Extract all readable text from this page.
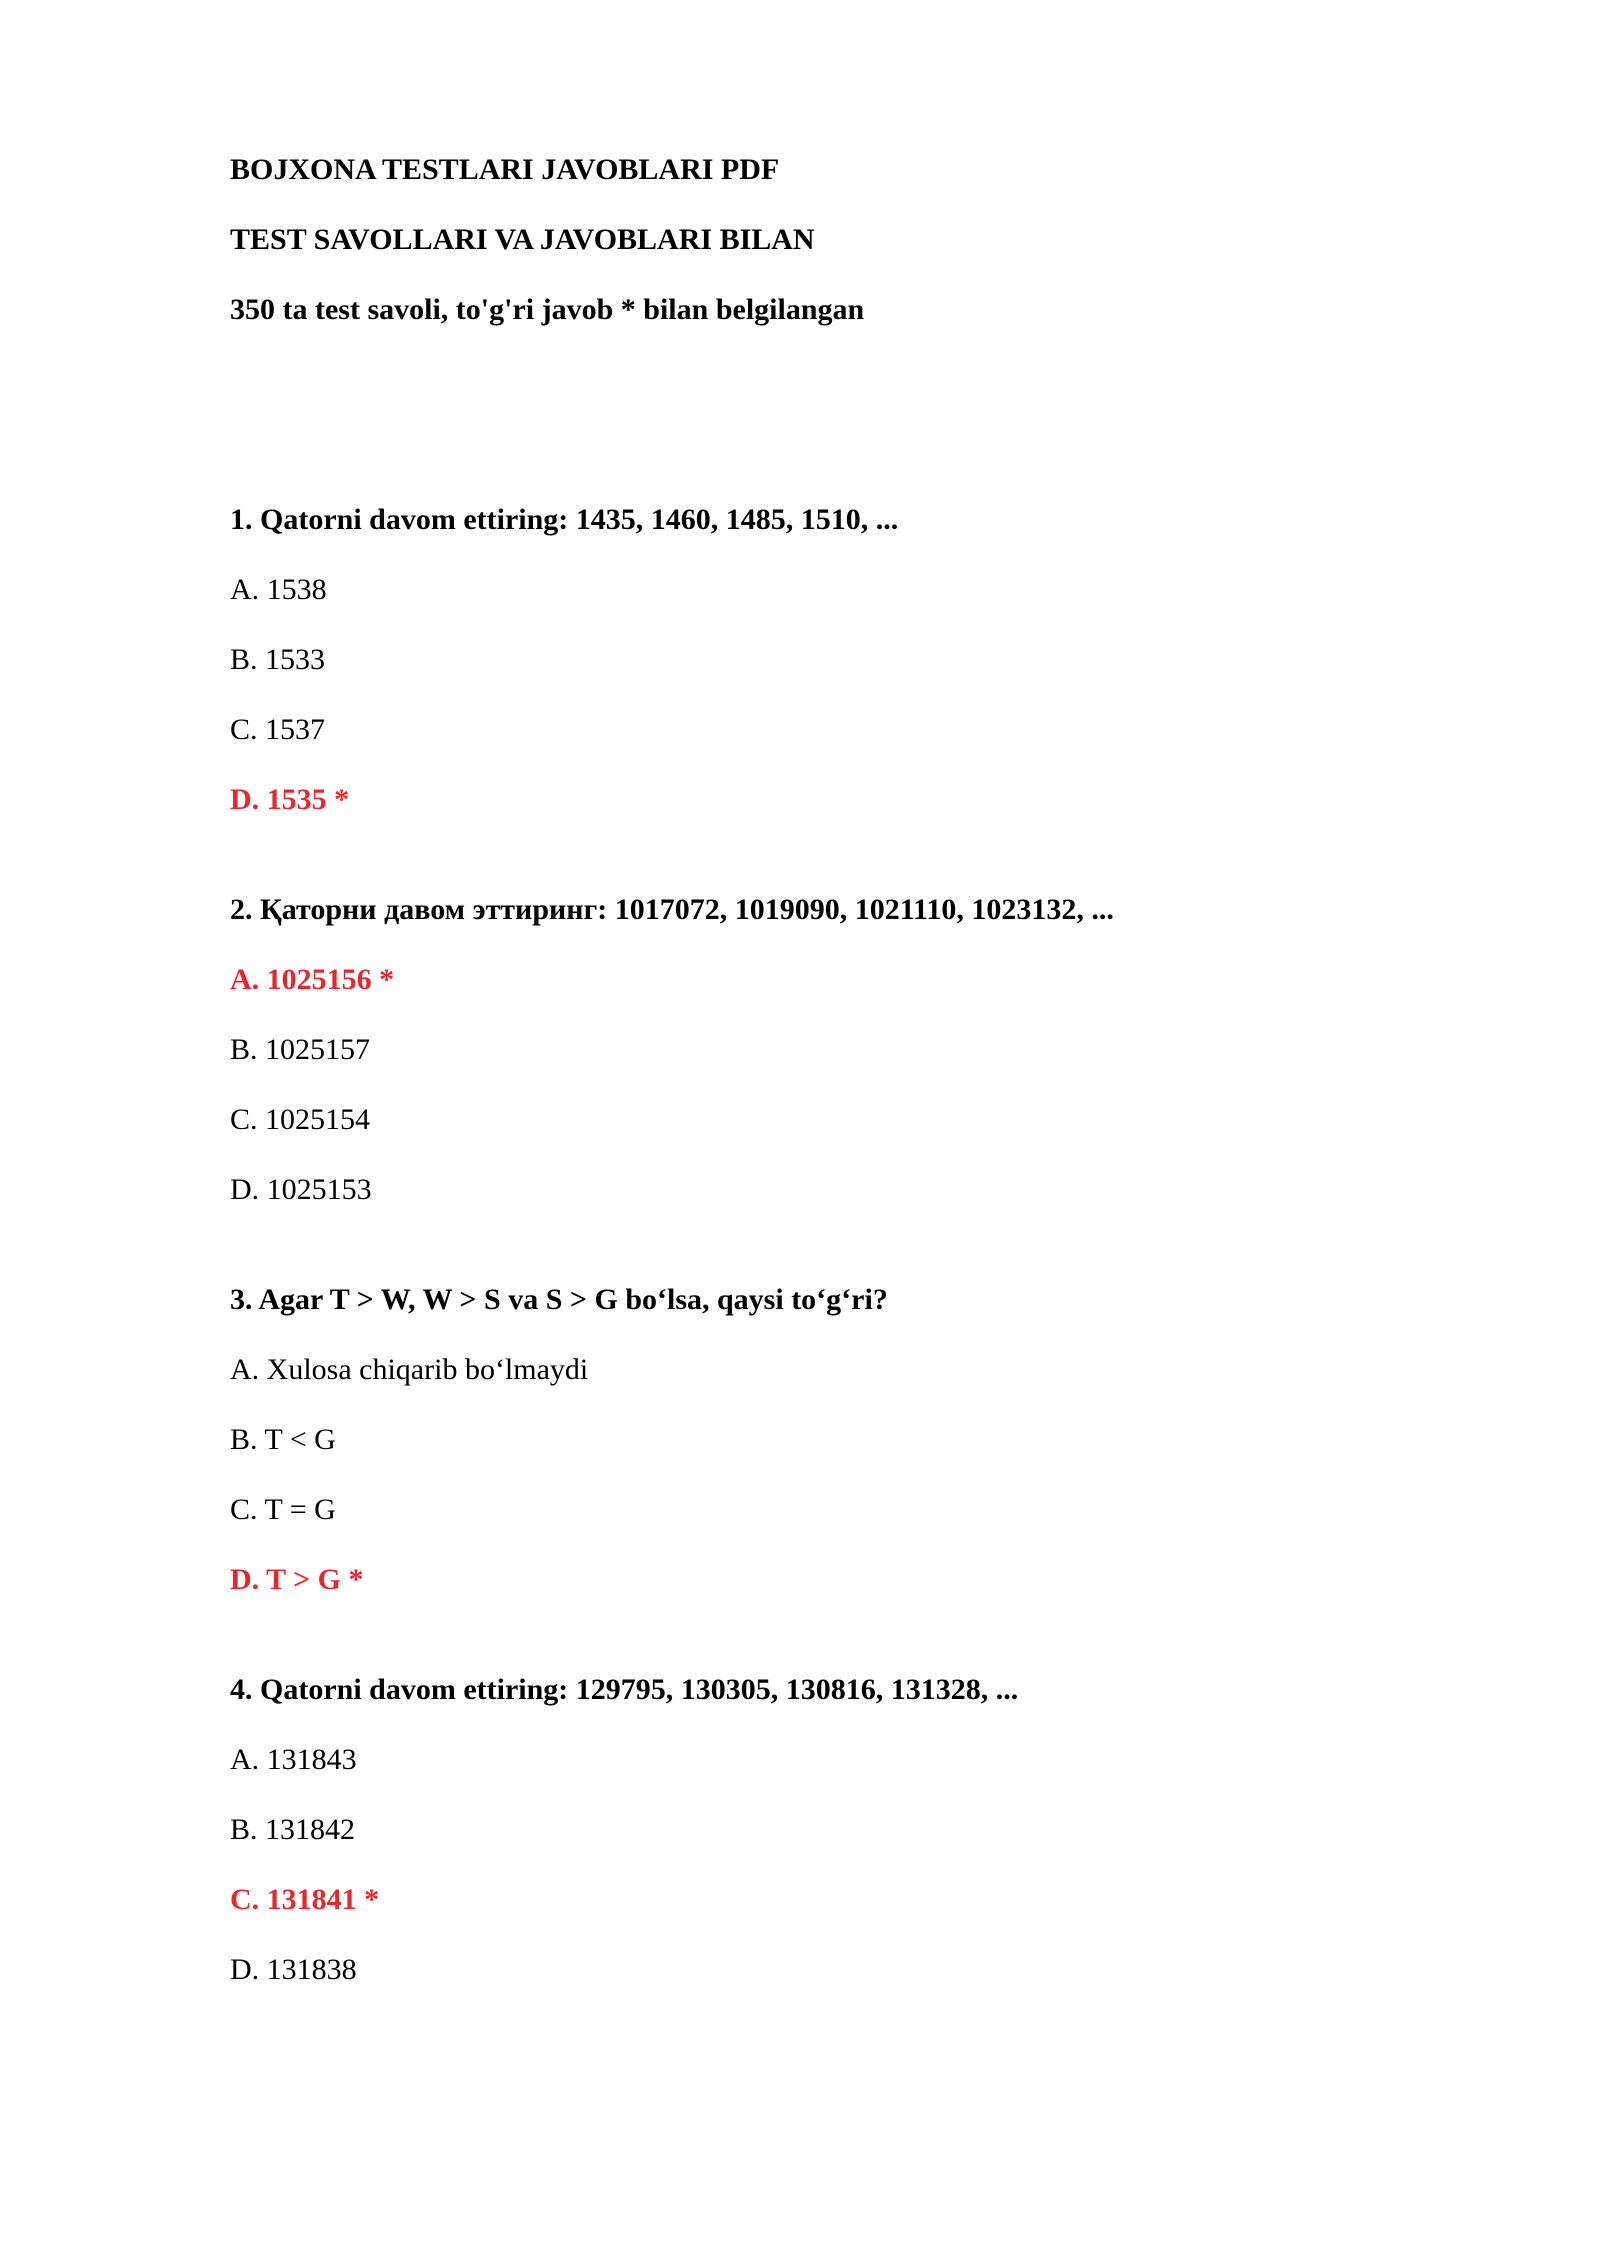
BOJXONA TESTLARI JAVOBLARI PDF
TEST SAVOLLARI VA JAVOBLARI BILAN
350 ta test savoli, to'g'ri javob * bilan belgilangan
1. Qatorni davom ettiring: 1435, 1460, 1485, 1510, ...
A. 1538
B. 1533
C. 1537
D. 1535 *
2. Қаторни давом эттиринг: 1017072, 1019090, 1021110, 1023132, ...
A. 1025156 *
B. 1025157
C. 1025154
D. 1025153
3. Agar T > W, W > S va S > G bo‘lsa, qaysi to‘g‘ri?
A. Xulosa chiqarib bo‘lmaydi
B. T < G
C. T = G
D. T > G *
4. Qatorni davom ettiring: 129795, 130305, 130816, 131328, ...
A. 131843
B. 131842
C. 131841 *
D. 131838
